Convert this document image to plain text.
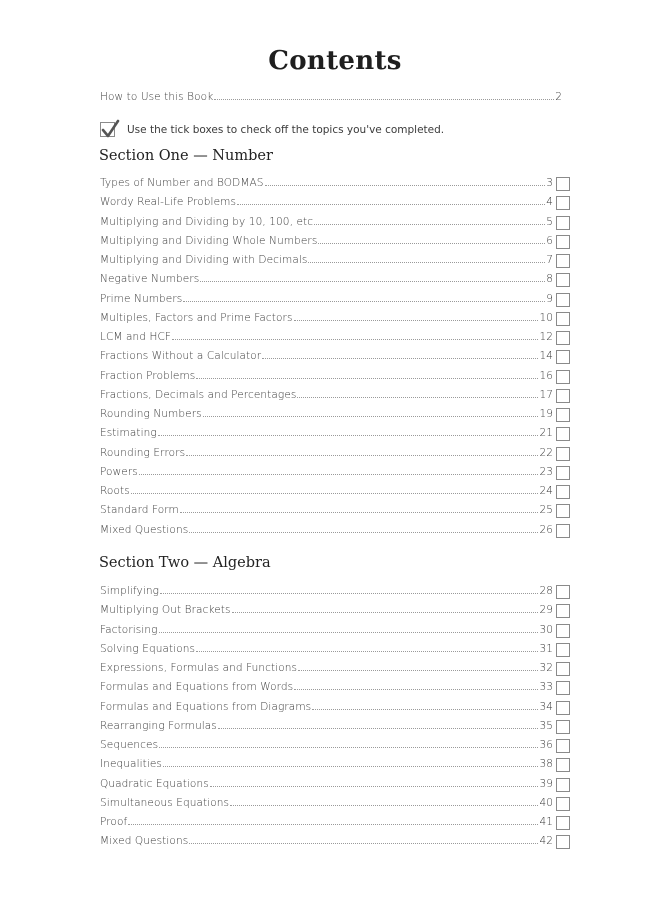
Contents
How to Use this Book	2
Use the tick boxes to check off the topics you've completed.
Section One — Number
Types of Number and BODMAS	3
Wordy Real-Life Problems	4
Multiplying and Dividing by 10, 100, etc	5
Multiplying and Dividing Whole Numbers	6
Multiplying and Dividing with Decimals	7
Negative Numbers	8
Prime Numbers	9
Multiples, Factors and Prime Factors	10
LCM and HCF	12
Fractions Without a Calculator	14
Fraction Problems	16
Fractions, Decimals and Percentages	17
Rounding Numbers	19
Estimating	21
Rounding Errors	22
Powers	23
Roots	24
Standard Form	25
Mixed Questions	26
Section Two — Algebra
Simplifying	28
Multiplying Out Brackets	29
Factorising	30
Solving Equations	31
Expressions, Formulas and Functions	32
Formulas and Equations from Words	33
Formulas and Equations from Diagrams	34
Rearranging Formulas	35
Sequences	36
Inequalities	38
Quadratic Equations	39
Simultaneous Equations	40
Proof	41
Mixed Questions	42
